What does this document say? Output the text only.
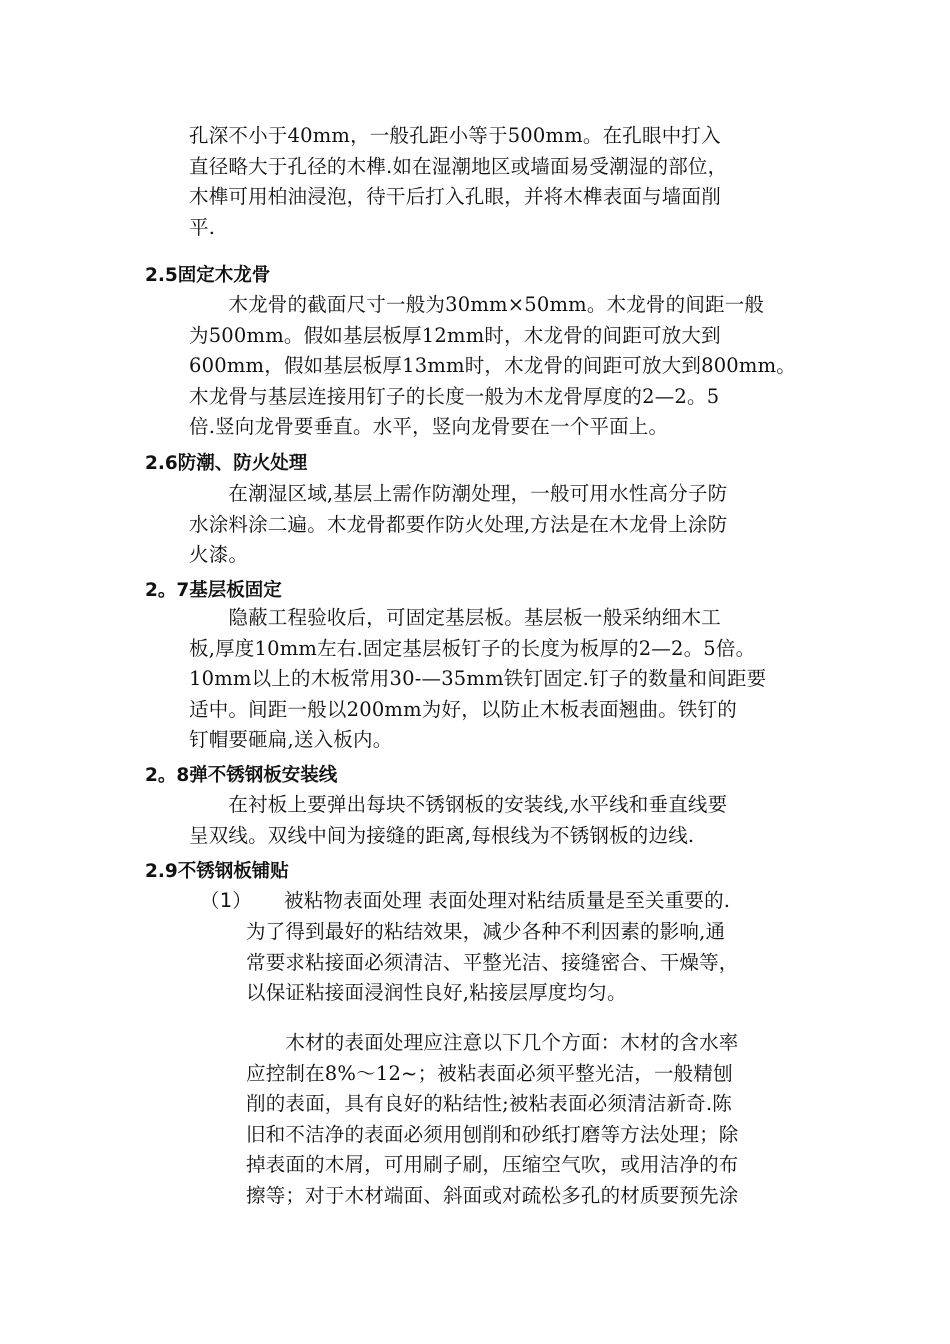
孔深不小于40mm，一般孔距小等于500mm。在孔眼中打入
直径略大于孔径的木榫.如在湿潮地区或墙面易受潮湿的部位，
木榫可用柏油浸泡，待干后打入孔眼，并将木榫表面与墙面削
平.
2.5固定木龙骨
　　木龙骨的截面尺寸一般为30mm×50mm。木龙骨的间距一般
为500mm。假如基层板厚12mm时，木龙骨的间距可放大到
600mm，假如基层板厚13mm时，木龙骨的间距可放大到800mm。
木龙骨与基层连接用钉子的长度一般为木龙骨厚度的2—2。5
倍.竖向龙骨要垂直。水平，竖向龙骨要在一个平面上。
2.6防潮、防火处理
　　在潮湿区域,基层上需作防潮处理，一般可用水性高分子防
水涂料涂二遍。木龙骨都要作防火处理,方法是在木龙骨上涂防
火漆。
2。7基层板固定
　　隐蔽工程验收后，可固定基层板。基层板一般采纳细木工
板,厚度10mm左右.固定基层板钉子的长度为板厚的2—2。5倍。
10mm以上的木板常用30-—35mm铁钉固定.钉子的数量和间距要
适中。间距一般以200mm为好，以防止木板表面翘曲。铁钉的
钉帽要砸扁,送入板内。
2。8弹不锈钢板安装线
　　在衬板上要弹出每块不锈钢板的安装线,水平线和垂直线要
呈双线。双线中间为接缝的距离,每根线为不锈钢板的边线.
2.9不锈钢板铺贴
（1） 被粘物表面处理 表面处理对粘结质量是至关重要的.
为了得到最好的粘结效果，减少各种不利因素的影响,通
常要求粘接面必须清洁、平整光洁、接缝密合、干燥等，
以保证粘接面浸润性良好,粘接层厚度均匀。
　　木材的表面处理应注意以下几个方面：木材的含水率
应控制在8%～12~；被粘表面必须平整光洁，一般精刨
削的表面，具有良好的粘结性;被粘表面必须清洁新奇.陈
旧和不洁净的表面必须用刨削和砂纸打磨等方法处理；除
掉表面的木屑，可用刷子刷，压缩空气吹，或用洁净的布
擦等；对于木材端面、斜面或对疏松多孔的材质要预先涂
